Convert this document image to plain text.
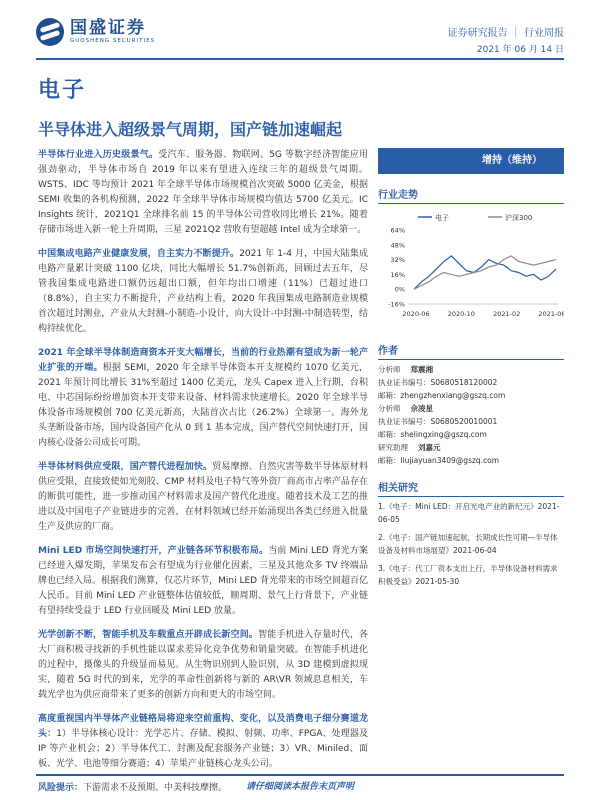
国盛证券
GUOSHENG SECURITIES
证券研究报告 ｜ 行业周报
2021 年 06 月 14 日
电子
半导体进入超级景气周期，国产链加速崛起

半导体行业进入历史级景气。受汽车、服务器、物联网、5G 等数字经济智能应用强劲驱动，半导体市场自 2019 年以来有望进入连续三年的超级景气周期。WSTS、IDC 等均预计 2021 年全球半导体市场规模首次突破 5000 亿美金，根据 SEMI 收集的各机构预测，2022 年全球半导体市场规模均值达 5700 亿美元。IC Insights 统计，2021Q1 全球排名前 15 的半导体公司营收同比增长 21%。随着存储市场进入新一轮上升周期，三星 2021Q2 营收有望超越 Intel 成为全球第一。

中国集成电路产业健康发展，自主实力不断提升。2021 年 1-4 月，中国大陆集成电路产量累计突破 1100 亿块，同比大幅增长 51.7%创新高，回顾过去五年，尽管我国集成电路进口额仍远超出口额，但年均出口增速（11%）已超过进口（8.8%），自主实力不断提升，产业结构上看，2020 年我国集成电路制造业规模首次超过封测业，产业从大封测-小制造-小设计，向大设计-中封测-中制造转型，结构持续优化。

2021 年全球半导体制造商资本开支大幅增长，当前的行业热潮有望成为新一轮产业扩张的开端。根据 SEMI，2020 年全球半导体资本开支规模约 1070 亿美元，2021 年预计同比增长 31%至超过 1400 亿美元，龙头 Capex 进入上行期，台积电、中芯国际纷纷增加资本开支带来设备、材料需求快速增长。2020 年全球半导体设备市场规模创 700 亿美元新高，大陆首次占比（26.2%）全球第一。海外龙头垄断设备市场，国内设备国产化从 0 到 1 基本完成，国产替代空间快速打开，国内核心设备公司成长可期。

半导体材料供应受限，国产替代进程加快。贸易摩擦、自然灾害等数半导体原材料供应受限，直接致使如光刻胶、CMP 材料及电子特气等外资厂商高市占率产品存在的断供可能性，进一步推动国产材料需求及国产替代化进度。随着技术及工艺的推进以及中国电子产业链进步的完善，在材料领域已经开始涌现出各类已经进入批量生产及供应的厂商。

Mini LED 市场空间快速打开，产业链各环节积极布局。当前 Mini LED 背光方案已经进入爆发期，苹果发布会有望成为行业催化因素，三星及其他众多 TV 终端品牌也已经入局。根据我们测算，仅芯片环节，Mini LED 背光带来的市场空间超百亿人民币。目前 Mini LED 产业链整体估值较低，顺周期、景气上行背景下，产业链有望持续受益于 LED 行业回暖及 Mini LED 放量。

光学创新不断，智能手机及车载重点开辟成长新空间。智能手机进入存量时代，各大厂商积极寻找新的手机性能以谋求差异化竞争优势和销量突破。在智能手机进化的过程中，摄像头的升级显而易见。从生物识别到人脸识别，从 3D 建模到虚拟现实，随着 5G 时代的到来，光学的革命性创新将与新的 AR\VR 领域息息相关，车载光学也为供应商带来了更多的创新方向和更大的市场空间。

高度重视国内半导体产业链格局将迎来空前重构、变化，以及消费电子细分赛道龙头：1）半导体核心设计：光学芯片、存储、模拟、射频、功率、FPGA、处理器及 IP 等产业机会；2）半导体代工、封测及配套服务产业链；3）VR、Miniled、面板、光学、电池等细分赛道；4）苹果产业链核心龙头公司。

风险提示：下游需求不及预期、中美科技摩擦。

增持（维持）
行业走势
电子	沪深300
-16%
0%
16%
32%
48%
64%
2020-06	2020-10	2021-02	2021-06
作者
分析师 郑震湘
执业证书编号：S0680518120002
邮箱：zhengzhenxiang@gszq.com
分析师 佘凌星
执业证书编号：S0680520010001
邮箱：shelingxing@gszq.com
研究助理 刘嘉元
邮箱：liujiayuan3409@gszq.com
相关研究
1.《电子：Mini LED：开启光电产业的新纪元》2021-06-05
2.《电子：国产链加速起航，长期成长性可期—半导体设备及材料市场展望》2021-06-04
3.《电子：代工厂资本支出上行，半导体设备材料需求积极受益》2021-05-30
请仔细阅读本报告末页声明
